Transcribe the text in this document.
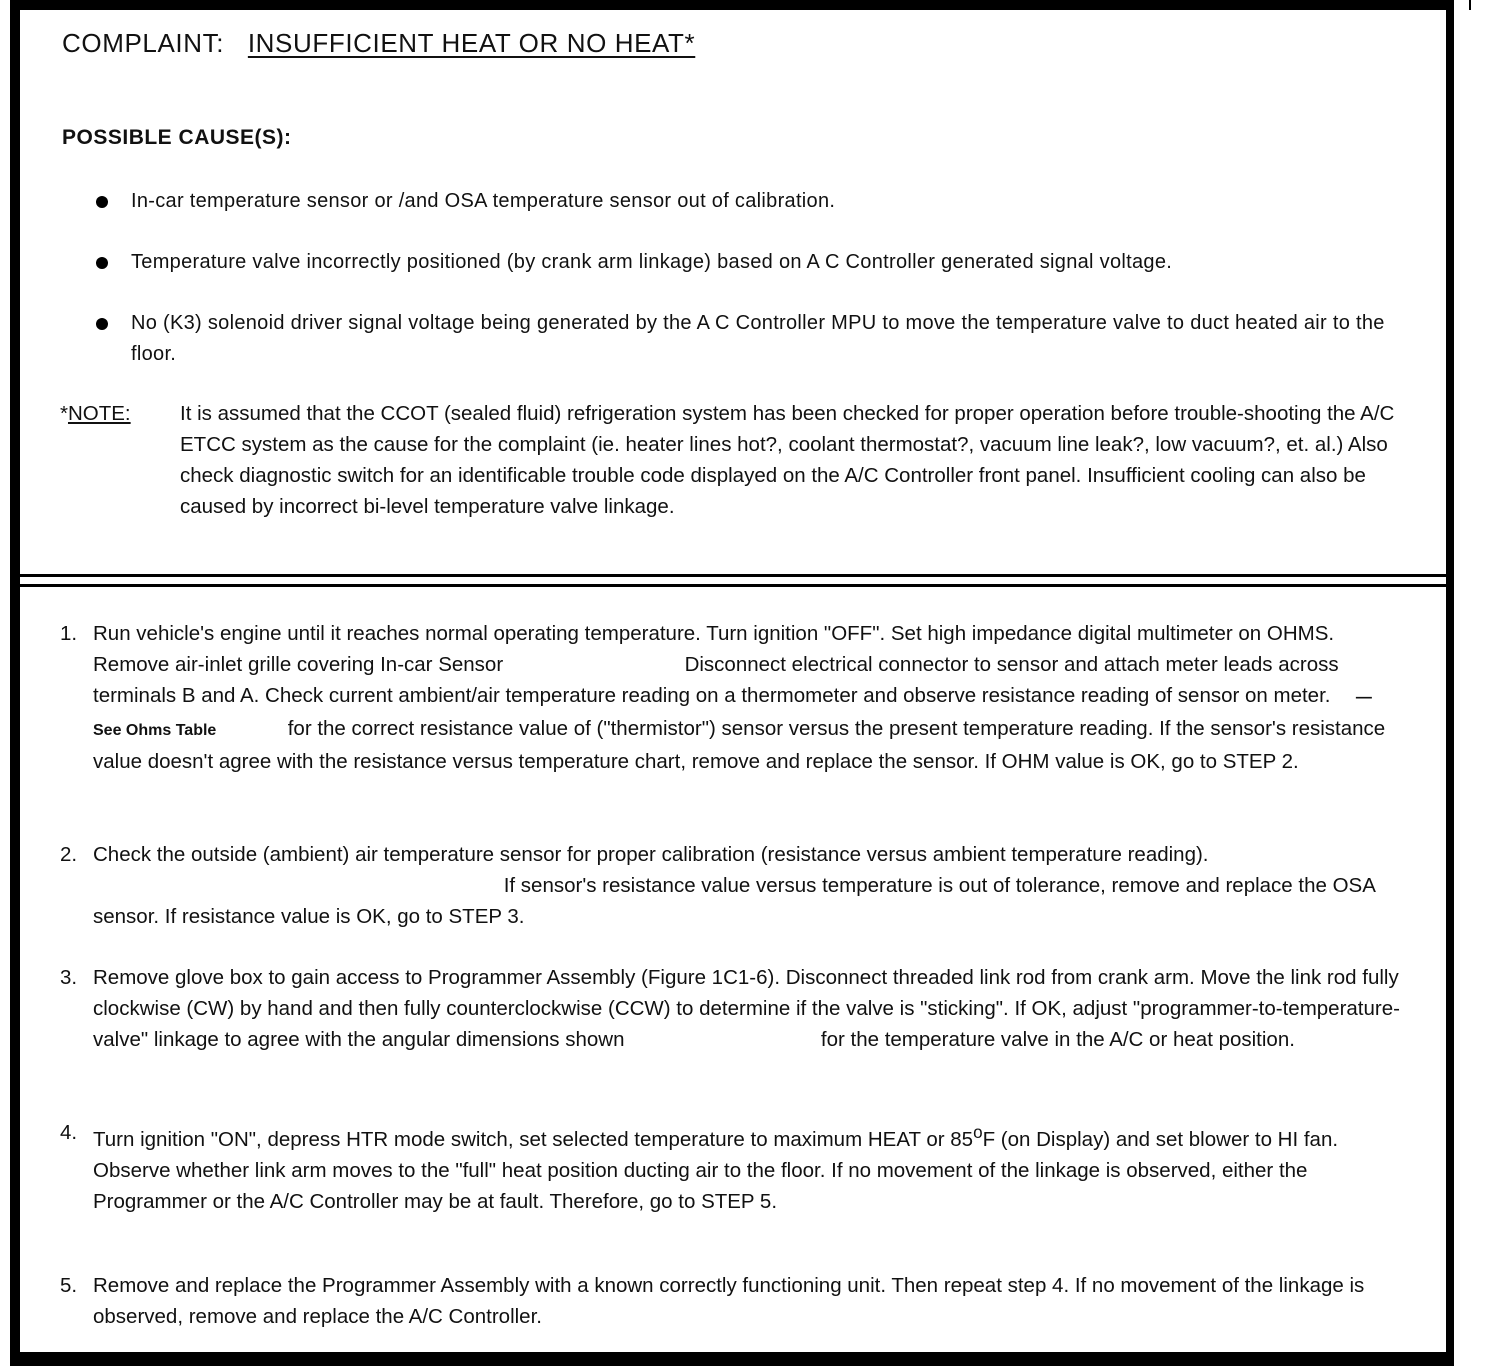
COMPLAINT: INSUFFICIENT HEAT OR NO HEAT*
POSSIBLE CAUSE(S):
In-car temperature sensor or /and OSA temperature sensor out of calibration.
Temperature valve incorrectly positioned (by crank arm linkage) based on A C Controller generated signal voltage.
No (K3) solenoid driver signal voltage being generated by the A C Controller MPU to move the temperature valve to duct heated air to the floor.
*NOTE: It is assumed that the CCOT (sealed fluid) refrigeration system has been checked for proper operation before trouble-shooting the A/C ETCC system as the cause for the complaint (ie. heater lines hot?, coolant thermostat?, vacuum line leak?, low vacuum?, et. al.) Also check diagnostic switch for an identificable trouble code displayed on the A/C Controller front panel. Insufficient cooling can also be caused by incorrect bi-level temperature valve linkage.
1. Run vehicle's engine until it reaches normal operating temperature. Turn ignition "OFF". Set high impedance digital multimeter on OHMS. Remove air-inlet grille covering In-car Sensor	Disconnect electrical connector to sensor and attach meter leads across terminals B and A. Check current ambient/air temperature reading on a thermometer and observe resistance reading of sensor on meter. —See Ohms Table	for the correct resistance value of ("thermistor") sensor versus the present temperature reading. If the sensor's resistance value doesn't agree with the resistance versus temperature chart, remove and replace the sensor. If OHM value is OK, go to STEP 2.
2. Check the outside (ambient) air temperature sensor for proper calibration (resistance versus ambient temperature reading).  If sensor's resistance value versus temperature is out of tolerance, remove and replace the OSA sensor. If resistance value is OK, go to STEP 3.
3. Remove glove box to gain access to Programmer Assembly (Figure 1C1-6). Disconnect threaded link rod from crank arm. Move the link rod fully clockwise (CW) by hand and then fully counterclockwise (CCW) to determine if the valve is "sticking". If OK, adjust "programmer-to-temperature-valve" linkage to agree with the angular dimensions shown	for the temperature valve in the A/C or heat position.
4. Turn ignition "ON", depress HTR mode switch, set selected temperature to maximum HEAT or 85$^o$F (on Display) and set blower to HI fan. Observe whether link arm moves to the "full" heat position ducting air to the floor. If no movement of the linkage is observed, either the Programmer or the A/C Controller may be at fault. Therefore, go to STEP 5.
5. Remove and replace the Programmer Assembly with a known correctly functioning unit. Then repeat step 4. If no movement of the linkage is observed, remove and replace the A/C Controller.
